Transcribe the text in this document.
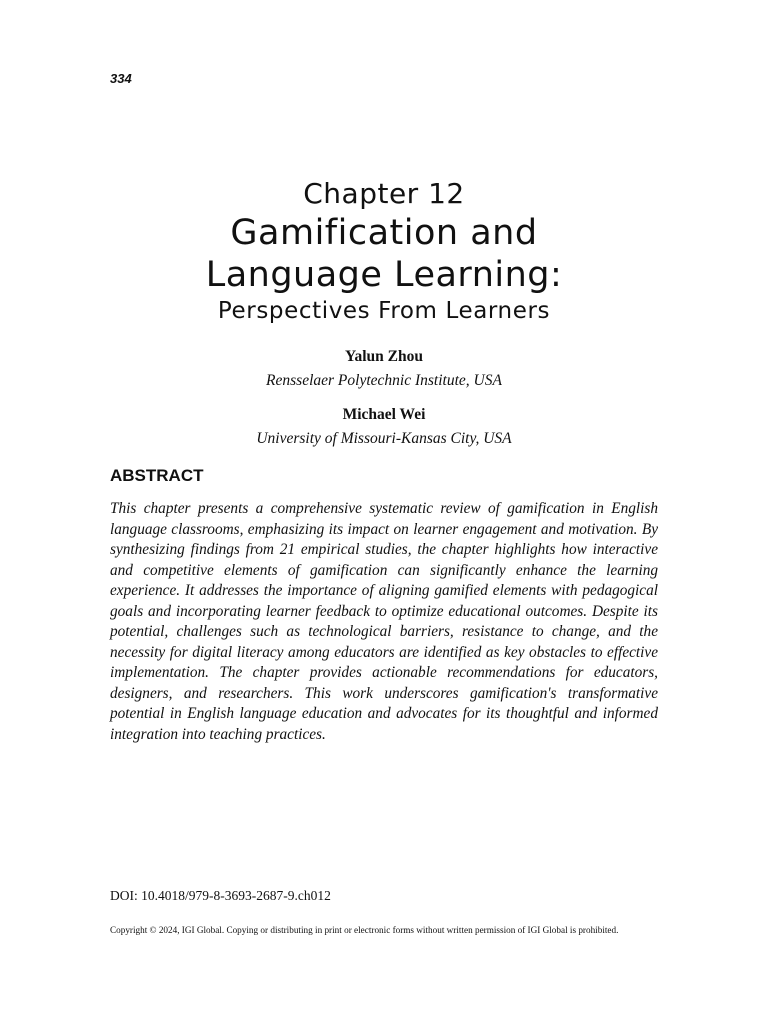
334
Chapter 12
Gamification and
Language Learning:
Perspectives From Learners
Yalun Zhou
Rensselaer Polytechnic Institute, USA
Michael Wei
University of Missouri-Kansas City, USA
ABSTRACT

This chapter presents a comprehensive systematic review of gamification in English language classrooms, emphasizing its impact on learner engagement and motivation. By synthesizing findings from 21 empirical studies, the chapter highlights how interactive and competitive elements of gamification can significantly enhance the learning experience. It addresses the importance of aligning gamified elements with pedagogical goals and incorporating learner feedback to optimize educational outcomes. Despite its potential, challenges such as technological barriers, resistance to change, and the necessity for digital literacy among educators are identified as key obstacles to effective implementation. The chapter provides actionable recommendations for educators, designers, and researchers. This work underscores gamification's transformative potential in English language education and advocates for its thoughtful and informed integration into teaching practices.

DOI: 10.4018/979-8-3693-2687-9.ch012
Copyright © 2024, IGI Global. Copying or distributing in print or electronic forms without written permission of IGI Global is prohibited.
